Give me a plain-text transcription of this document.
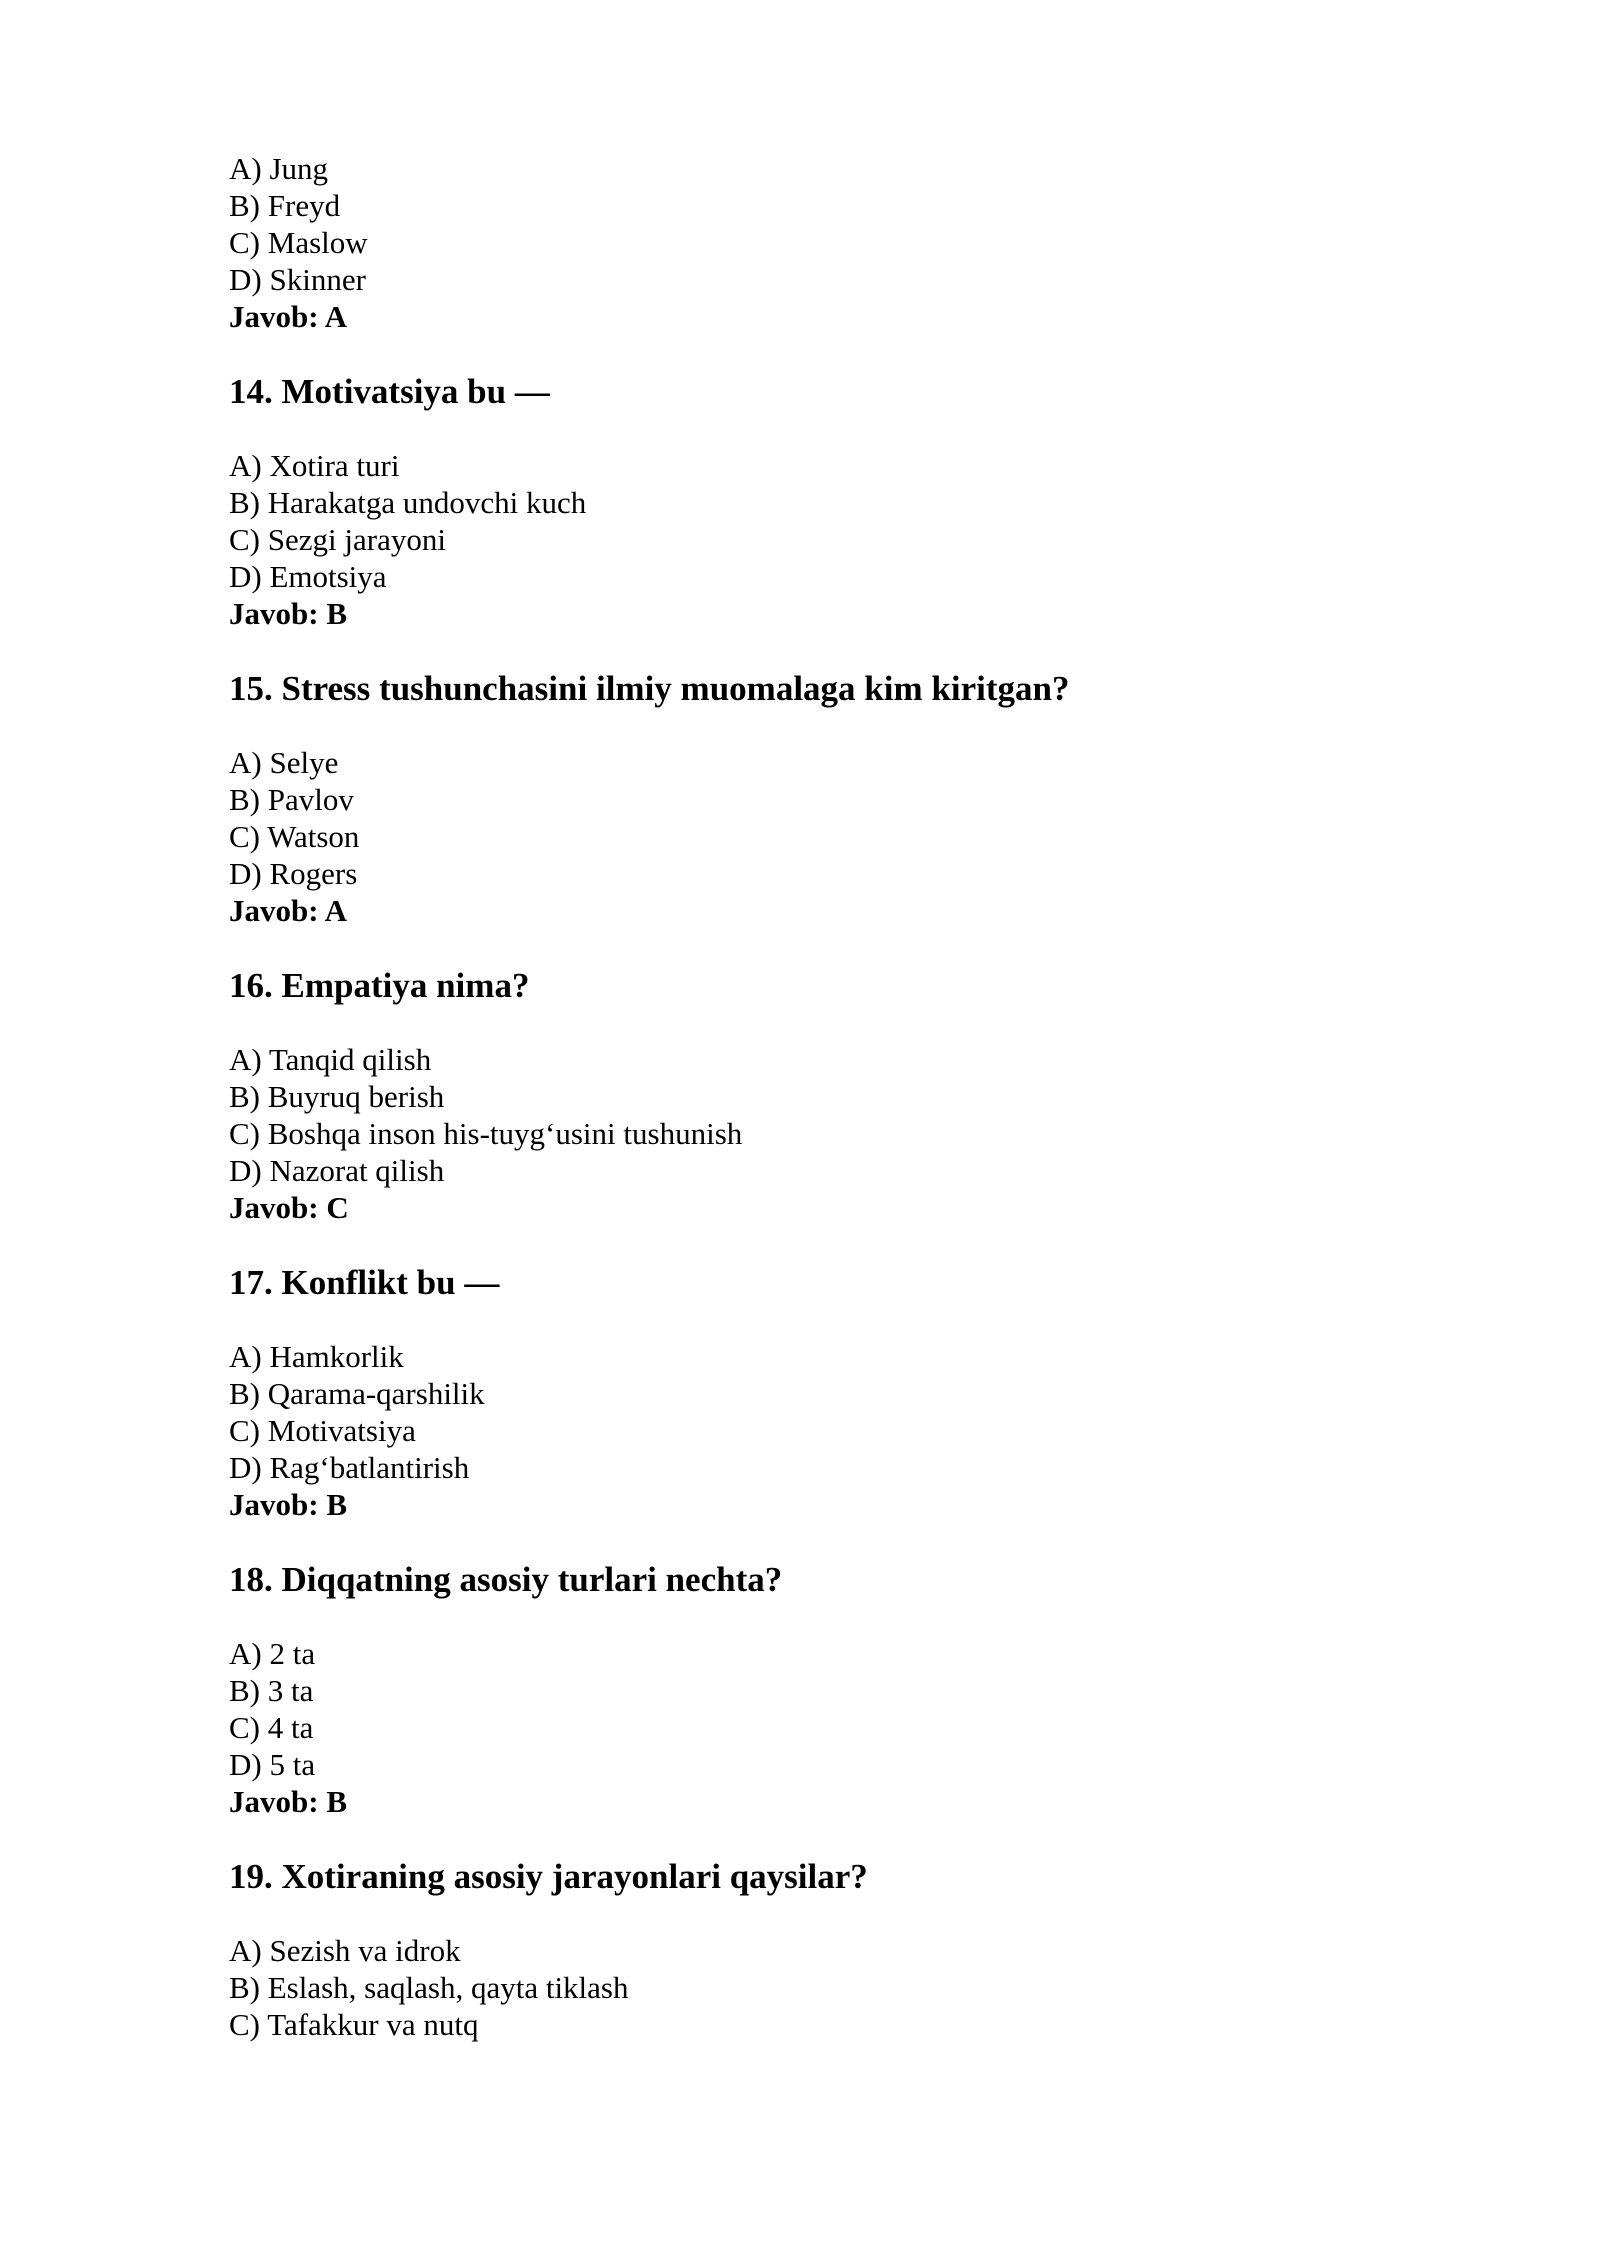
A) Jung
B) Freyd
C) Maslow
D) Skinner
Javob: A
14. Motivatsiya bu —
A) Xotira turi
B) Harakatga undovchi kuch
C) Sezgi jarayoni
D) Emotsiya
Javob: B
15. Stress tushunchasini ilmiy muomalaga kim kiritgan?
A) Selye
B) Pavlov
C) Watson
D) Rogers
Javob: A
16. Empatiya nima?
A) Tanqid qilish
B) Buyruq berish
C) Boshqa inson his-tuyg‘usini tushunish
D) Nazorat qilish
Javob: C
17. Konflikt bu —
A) Hamkorlik
B) Qarama-qarshilik
C) Motivatsiya
D) Rag‘batlantirish
Javob: B
18. Diqqatning asosiy turlari nechta?
A) 2 ta
B) 3 ta
C) 4 ta
D) 5 ta
Javob: B
19. Xotiraning asosiy jarayonlari qaysilar?
A) Sezish va idrok
B) Eslash, saqlash, qayta tiklash
C) Tafakkur va nutq
